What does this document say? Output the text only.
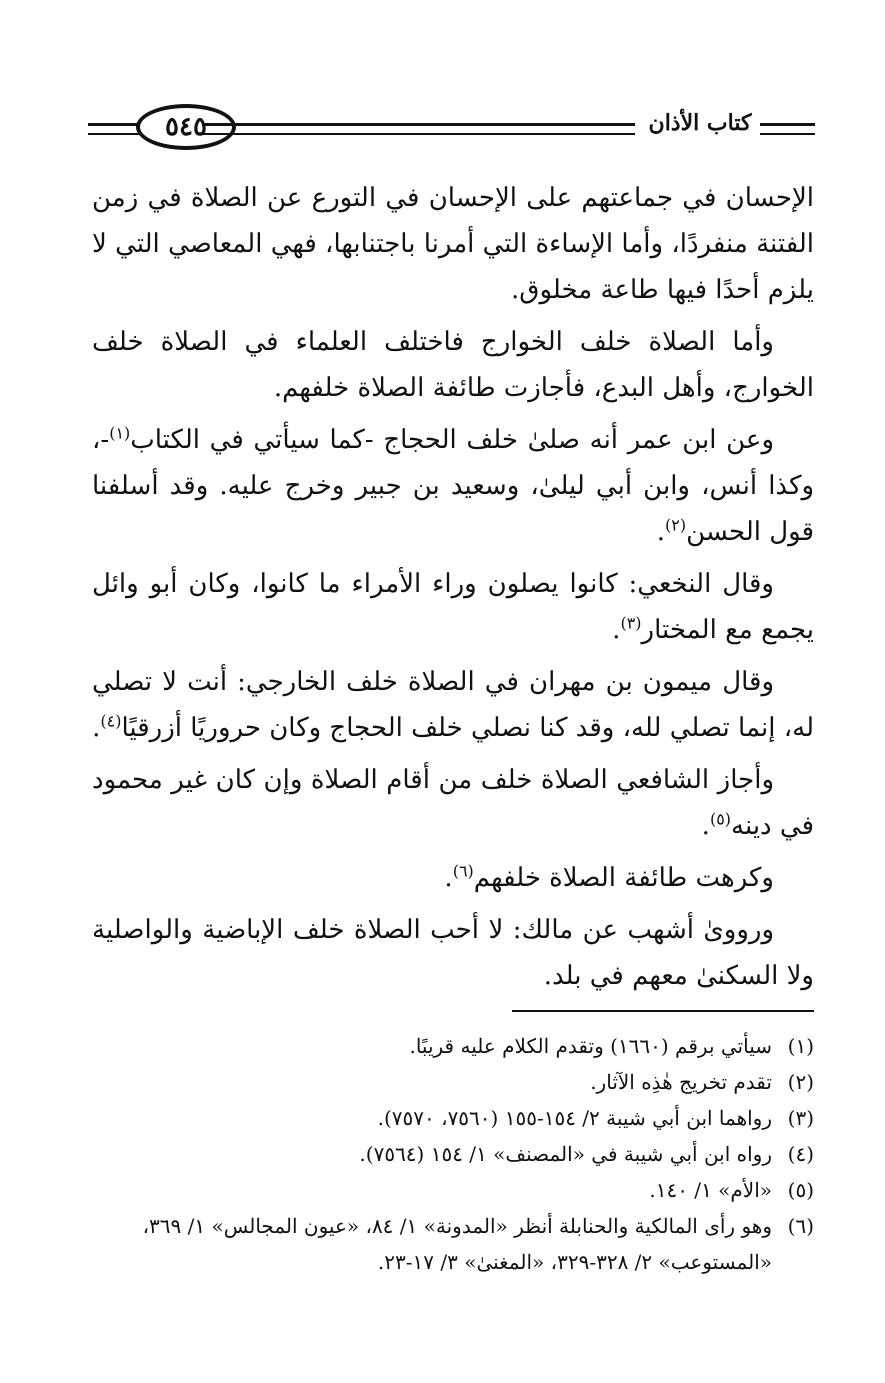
٥٤٥	كتاب الأذان

الإحسان في جماعتهم على الإحسان في التورع عن الصلاة في زمن الفتنة منفردًا، وأما الإساءة التي أمرنا باجتنابها، فهي المعاصي التي لا يلزم أحدًا فيها طاعة مخلوق.

وأما الصلاة خلف الخوارج فاختلف العلماء في الصلاة خلف الخوارج، وأهل البدع، فأجازت طائفة الصلاة خلفهم.

وعن ابن عمر أنه صلىٰ خلف الحجاج -كما سيأتي في الكتاب$^{(١)}$-، وكذا أنس، وابن أبي ليلىٰ، وسعيد بن جبير وخرج عليه. وقد أسلفنا قول الحسن$^{(٢)}$.

وقال النخعي: كانوا يصلون وراء الأمراء ما كانوا، وكان أبو وائل يجمع مع المختار$^{(٣)}$.

وقال ميمون بن مهران في الصلاة خلف الخارجي: أنت لا تصلي له، إنما تصلي لله، وقد كنا نصلي خلف الحجاج وكان حروريًا أزرقيًا$^{(٤)}$.

وأجاز الشافعي الصلاة خلف من أقام الصلاة وإن كان غير محمود في دينه$^{(٥)}$.

وكرهت طائفة الصلاة خلفهم$^{(٦)}$.

ورووىٰ أشهب عن مالك: لا أحب الصلاة خلف الإباضية والواصلية ولا السكنىٰ معهم في بلد.

(١)
سيأتي برقم (١٦٦٠) وتقدم الكلام عليه قريبًا.
(٢)
تقدم تخريج هٰذِه الآثار.
(٣)
رواهما ابن أبي شيبة ٢/ ١٥٤-١٥٥ (٧٥٦٠، ٧٥٧٠).
(٤)
رواه ابن أبي شيبة في «المصنف» ١/ ١٥٤ (٧٥٦٤).
(٥)
«الأم» ١/ ١٤٠.
(٦)
وهو رأى المالكية والحنابلة أنظر «المدونة» ١/ ٨٤، «عيون المجالس» ١/ ٣٦٩، «المستوعب» ٢/ ٣٢٨-٣٢٩، «المغنىٰ» ٣/ ١٧-٢٣.
